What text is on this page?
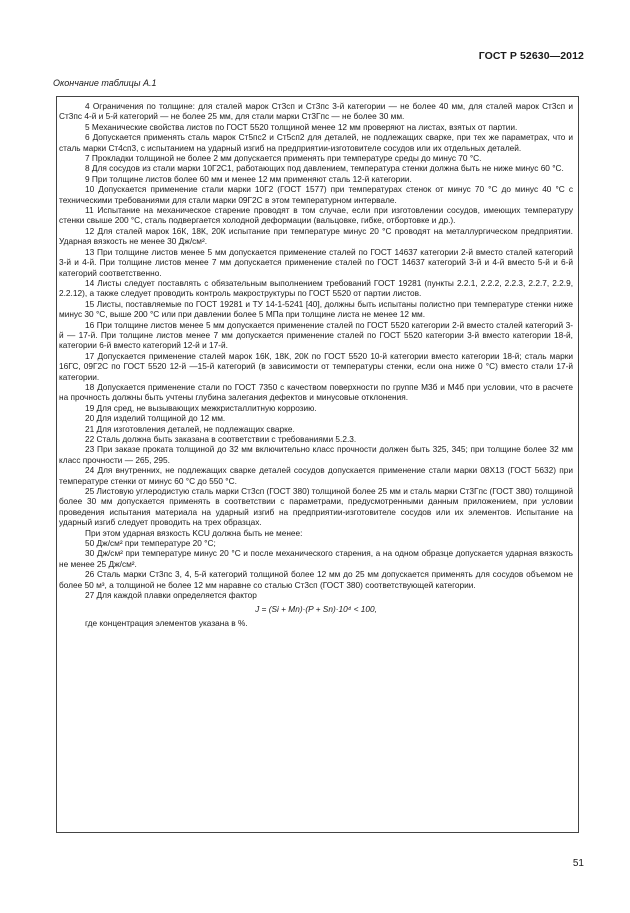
ГОСТ Р 52630—2012
Окончание таблицы А.1

4 Ограничения по толщине: для сталей марок Ст3сп и Ст3пс 3-й категории — не более 40 мм, для сталей марок Ст3сп и Ст3пс 4-й и 5-й категорий — не более 25 мм, для стали марки Ст3Гпс — не более 30 мм.

5 Механические свойства листов по ГОСТ 5520 толщиной менее 12 мм проверяют на листах, взятых от партии.

6 Допускается применять сталь марок Ст5пс2 и Ст5сп2 для деталей, не подлежащих сварке, при тех же параметрах, что и сталь марки Ст4сп3, с испытанием на ударный изгиб на предприятии-изготовителе сосудов или их отдельных деталей.

7 Прокладки толщиной не более 2 мм допускается применять при температуре среды до минус 70 °С.

8 Для сосудов из стали марки 10Г2С1, работающих под давлением, температура стенки должна быть не ниже минус 60 °С.

9 При толщине листов более 60 мм и менее 12 мм применяют сталь 12-й категории.

10 Допускается применение стали марки 10Г2 (ГОСТ 1577) при температурах стенок от минус 70 °С до минус 40 °С с техническими требованиями для стали марки 09Г2С в этом температурном интервале.

11 Испытание на механическое старение проводят в том случае, если при изготовлении сосудов, имеющих температуру стенки свыше 200 °С, сталь подвергается холодной деформации (вальцовке, гибке, отбортовке и др.).

12 Для сталей марок 16К, 18К, 20К испытание при температуре минус 20 °С проводят на металлургическом предприятии. Ударная вязкость не менее 30 Дж/см².

13 При толщине листов менее 5 мм допускается применение сталей по ГОСТ 14637 категории 2-й вместо сталей категорий 3-й и 4-й. При толщине листов менее 7 мм допускается применение сталей по ГОСТ 14637 категорий 3-й и 4-й вместо 5-й и 6-й категорий соответственно.

14 Листы следует поставлять с обязательным выполнением требований ГОСТ 19281 (пункты 2.2.1, 2.2.2, 2.2.3, 2.2.7, 2.2.9, 2.2.12), а также следует проводить контроль макроструктуры по ГОСТ 5520 от партии листов.

15 Листы, поставляемые по ГОСТ 19281 и ТУ 14-1-5241 [40], должны быть испытаны полистно при температуре стенки ниже минус 30 °С, выше 200 °С или при давлении более 5 МПа при толщине листа не менее 12 мм.

16 При толщине листов менее 5 мм допускается применение сталей по ГОСТ 5520 категории 2-й вместо сталей категорий 3-й — 17-й. При толщине листов менее 7 мм допускается применение сталей по ГОСТ 5520 категории 3-й вместо категории 18-й, категории 6-й вместо категорий 12-й и 17-й.

17 Допускается применение сталей марок 16К, 18К, 20К по ГОСТ 5520 10-й категории вместо категории 18-й; сталь марки 16ГС, 09Г2С по ГОСТ 5520 12-й —15-й категорий (в зависимости от температуры стенки, если она ниже 0 °С) вместо стали 17-й категории.

18 Допускается применение стали по ГОСТ 7350 с качеством поверхности по группе М3б и М4б при условии, что в расчете на прочность должны быть учтены глубина залегания дефектов и минусовые отклонения.

19 Для сред, не вызывающих межкристаллитную коррозию.

20 Для изделий толщиной до 12 мм.

21 Для изготовления деталей, не подлежащих сварке.

22 Сталь должна быть заказана в соответствии с требованиями 5.2.3.

23 При заказе проката толщиной до 32 мм включительно класс прочности должен быть 325, 345; при толщине более 32 мм класс прочности — 265, 295.

24 Для внутренних, не подлежащих сварке деталей сосудов допускается применение стали марки 08Х13 (ГОСТ 5632) при температуре стенки от минус 60 °С до 550 °С.

25 Листовую углеродистую сталь марки Ст3сп (ГОСТ 380) толщиной более 25 мм и сталь марки Ст3Гпс (ГОСТ 380) толщиной более 30 мм допускается применять в соответствии с параметрами, предусмотренными данным приложением, при условии проведения испытания материала на ударный изгиб на предприятии-изготовителе сосудов или их элементов. Испытание на ударный изгиб следует проводить на трех образцах.

При этом ударная вязкость KCU должна быть не менее:

50 Дж/см² при температуре 20 °С;

30 Дж/см² при температуре минус 20 °С и после механического старения, а на одном образце допускается ударная вязкость не менее 25 Дж/см².

26 Сталь марки Ст3пс 3, 4, 5-й категорий толщиной более 12 мм до 25 мм допускается применять для сосудов объемом не более 50 м³, а толщиной не более 12 мм наравне со сталью Ст3сп (ГОСТ 380) соответствующей категории.

27 Для каждой плавки определяется фактор

J = (Si + Mn)·(P + Sn)·10⁴ < 100,

где концентрация элементов указана в %.

51
